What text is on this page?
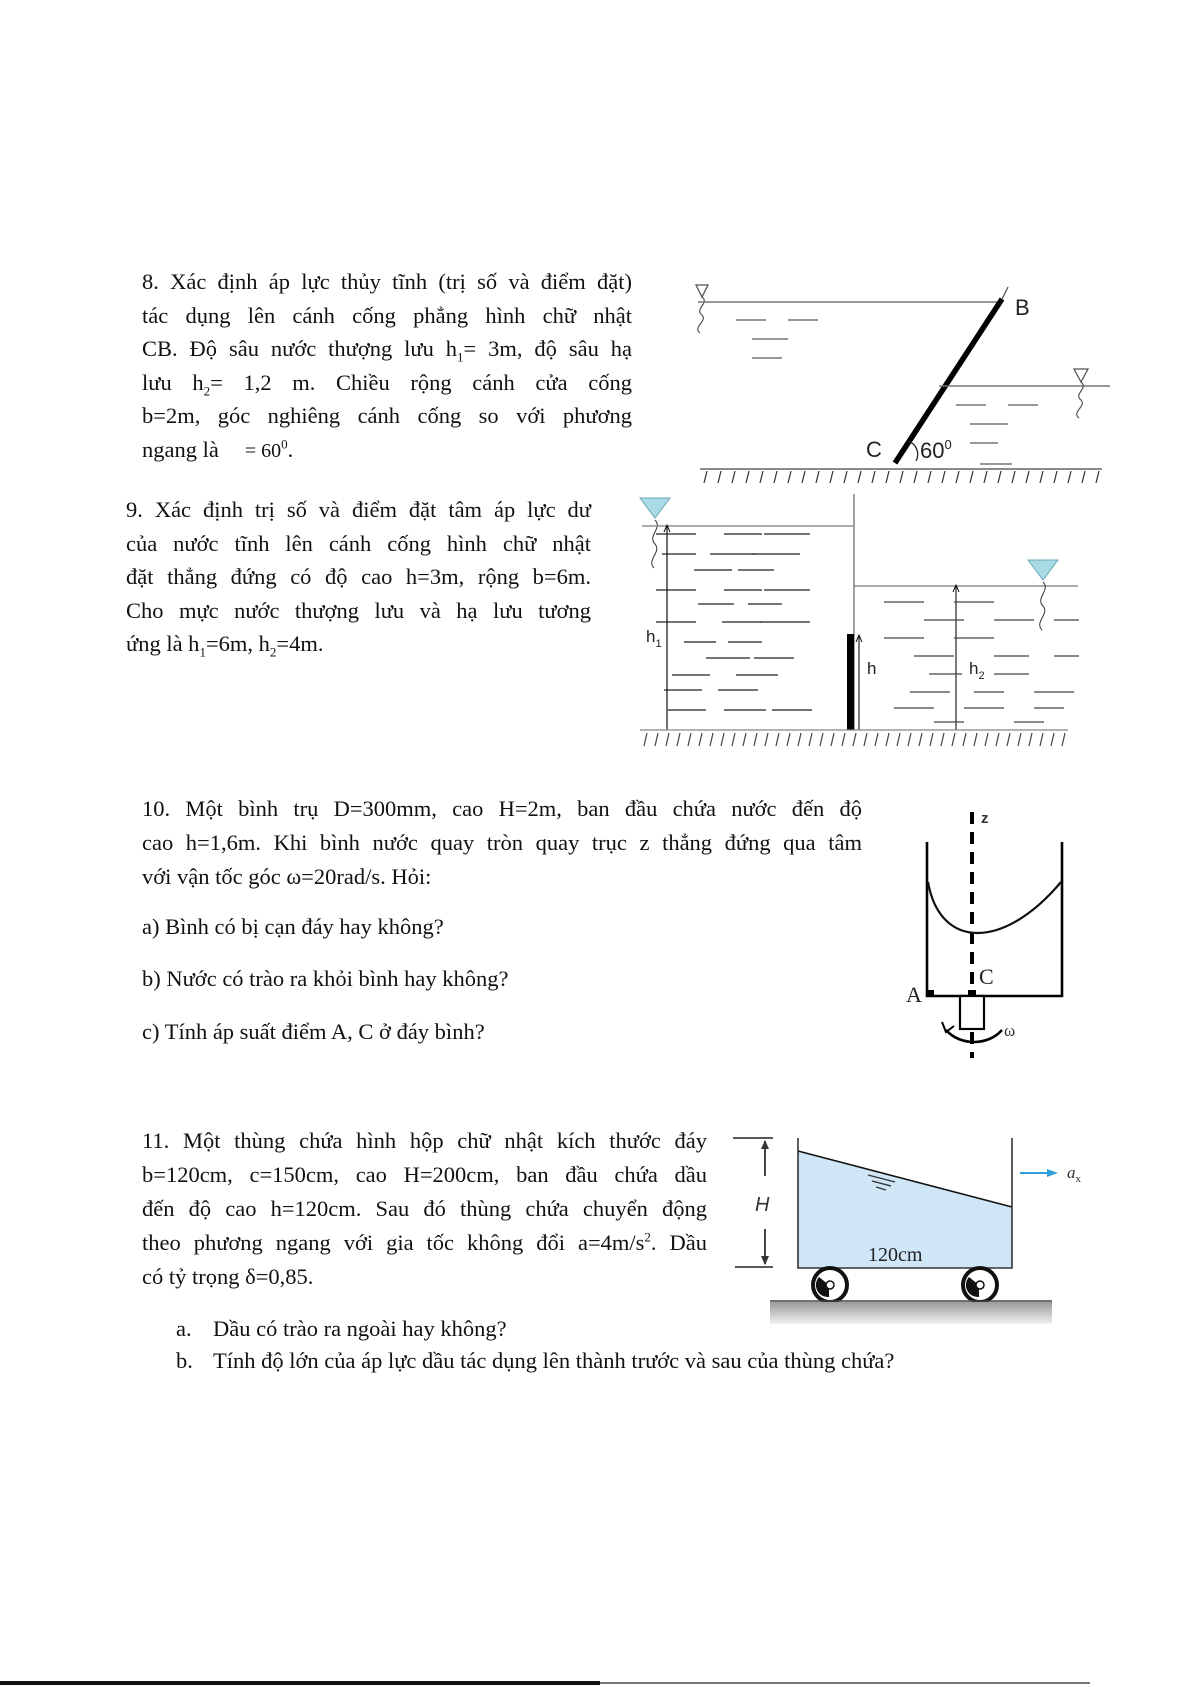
8. Xác định áp lực thủy tĩnh (trị số và điểm đặt)
tác dụng lên cánh cống phẳng hình chữ nhật
CB. Độ sâu nước thượng lưu $h_1= 3m$, độ sâu hạ
lưu $h_2= 1,2$ m. Chiều rộng cánh cửa cống
b=2m, góc nghiêng cánh cống so với phương
ngang là = $60^0$.
B
C $60^0$
9. Xác định trị số và điểm đặt tâm áp lực dư
của nước tĩnh lên cánh cống hình chữ nhật
đặt thẳng đứng có độ cao h=3m, rộng b=6m.
Cho mực nước thượng lưu và hạ lưu tương
ứng là $h_1=6m$, $h_2=4m$.	$h_1$
h	$h_2$
10. Một bình trụ D=300mm, cao H=2m, ban đầu chứa nước đến độ
cao h=1,6m. Khi bình nước quay tròn quay trục z thẳng đứng qua tâm
với vận tốc góc ω=20rad/s. Hỏi:
a) Bình có bị cạn đáy hay không?
b) Nước có trào ra khỏi bình hay không?
c) Tính áp suất điểm A, C ở đáy bình?
z
A
C
ω
11. Một thùng chứa hình hộp chữ nhật kích thước đáy
b=120cm, c=150cm, cao H=200cm, ban đầu chứa dầu
đến độ cao h=120cm. Sau đó thùng chứa chuyển động
theo phương ngang với gia tốc không đổi $a=4m/s^2$. Dầu
có tỷ trọng δ=0,85.
a. Dầu có trào ra ngoài hay không?
b. Tính độ lớn của áp lực dầu tác dụng lên thành trước và sau của thùng chứa?
H
120cm
$a_x$
